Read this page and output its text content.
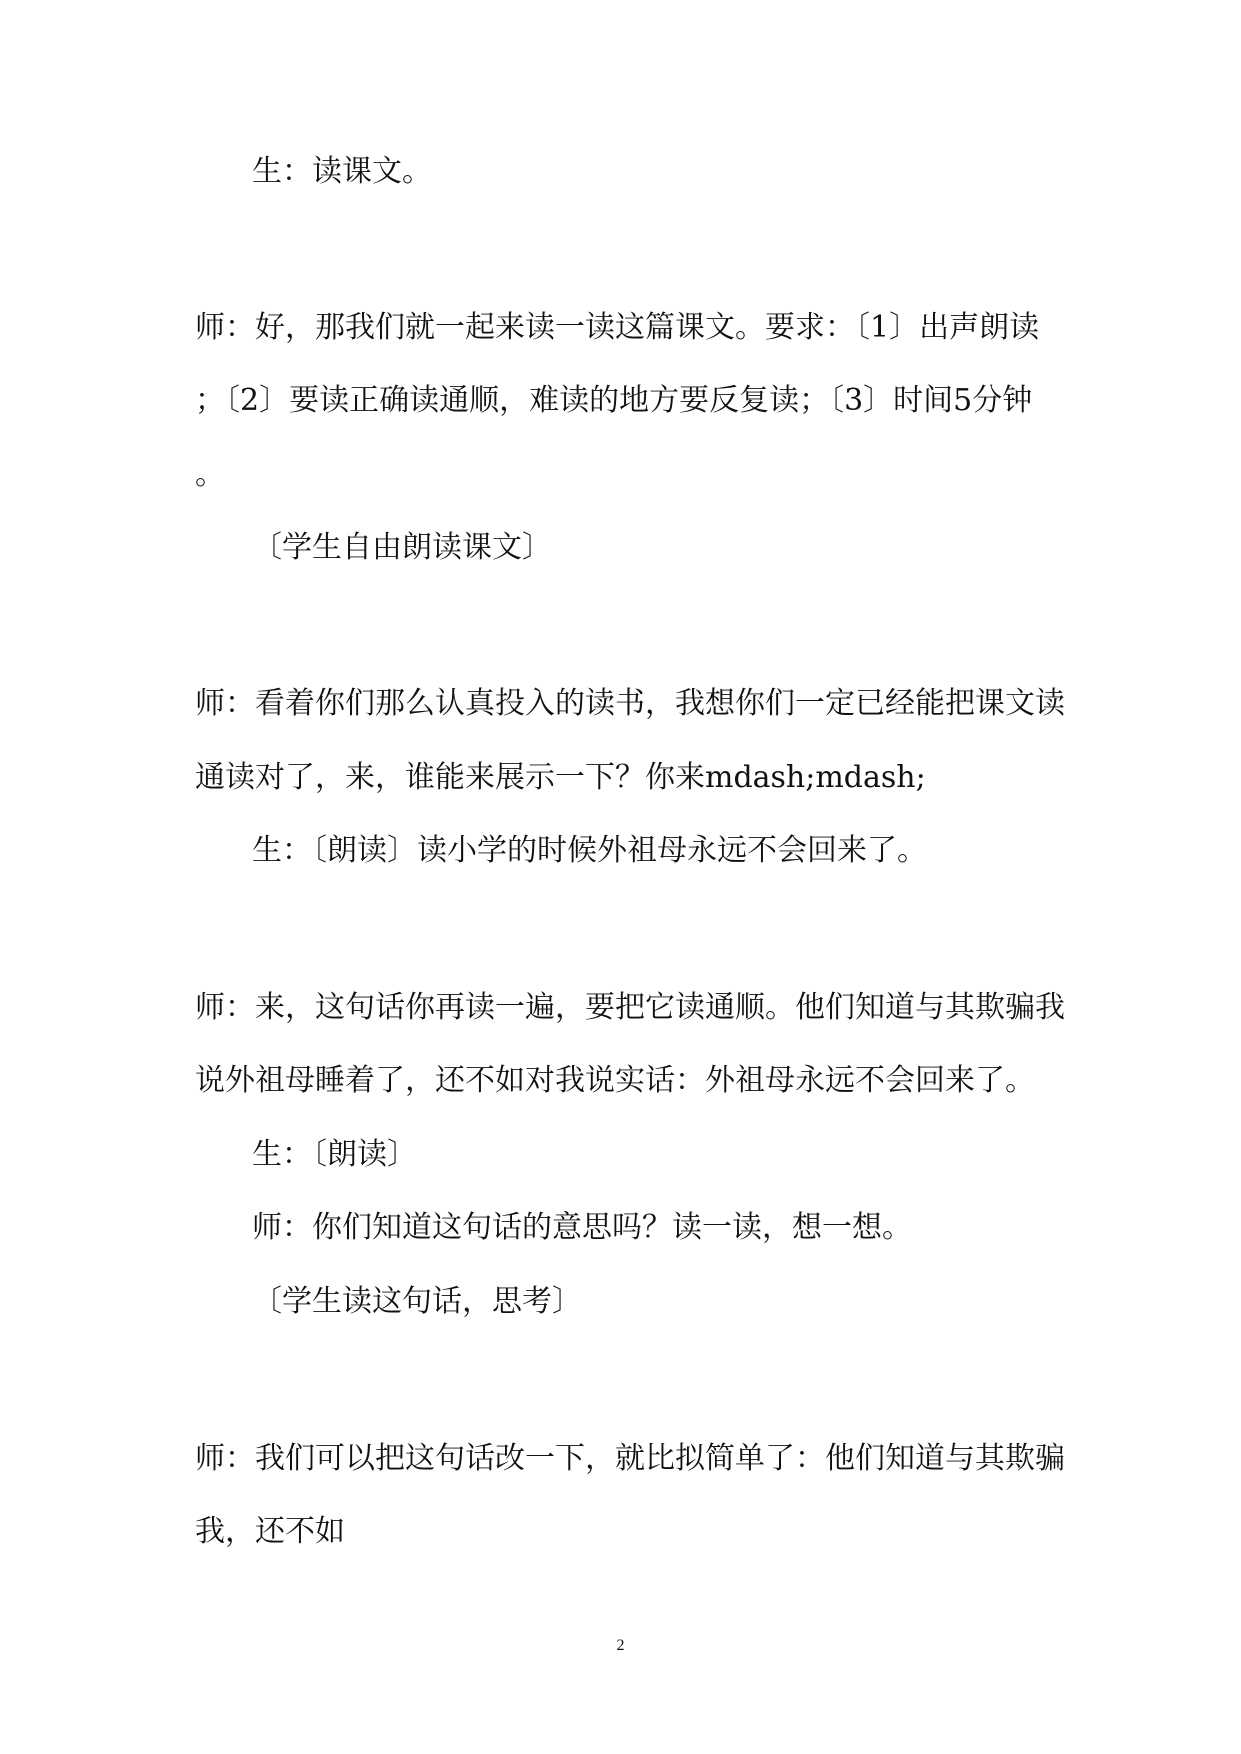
生：读课文。
师：好，那我们就一起来读一读这篇课文。要求：〔1〕出声朗读
；〔2〕要读正确读通顺，难读的地方要反复读；〔3〕时间5分钟
。
〔学生自由朗读课文〕
师：看着你们那么认真投入的读书，我想你们一定已经能把课文读
通读对了，来，谁能来展示一下？你来mdash;mdash;
生：〔朗读〕读小学的时候外祖母永远不会回来了。
师：来，这句话你再读一遍，要把它读通顺。他们知道与其欺骗我
说外祖母睡着了，还不如对我说实话：外祖母永远不会回来了。
生：〔朗读〕
师：你们知道这句话的意思吗？读一读，想一想。
〔学生读这句话，思考〕
师：我们可以把这句话改一下，就比拟简单了：他们知道与其欺骗
我，还不如
2
